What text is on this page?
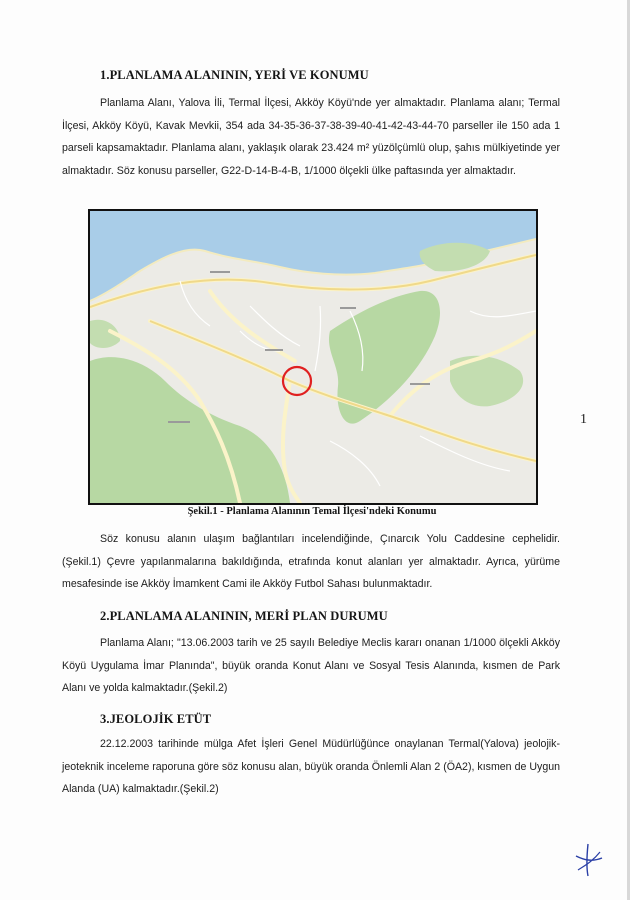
1.PLANLAMA ALANININ, YERİ VE KONUMU
Planlama Alanı, Yalova İli, Termal İlçesi, Akköy Köyü'nde yer almaktadır. Planlama alanı; Termal İlçesi, Akköy Köyü, Kavak Mevkii, 354 ada 34-35-36-37-38-39-40-41-42-43-44-70 parseller ile 150 ada 1 parseli kapsamaktadır. Planlama alanı, yaklaşık olarak 23.424 m² yüzölçümlü olup, şahıs mülkiyetinde yer almaktadır. Söz konusu parseller, G22-D-14-B-4-B, 1/1000 ölçekli ülke paftasında yer almaktadır.
Şekil.1 - Planlama Alanının Temal İlçesi'ndeki Konumu
Söz konusu alanın ulaşım bağlantıları incelendiğinde, Çınarcık Yolu Caddesine cephelidir. (Şekil.1) Çevre yapılanmalarına bakıldığında, etrafında konut alanları yer almaktadır. Ayrıca, yürüme mesafesinde ise Akköy İmamkent Cami ile Akköy Futbol Sahası bulunmaktadır.
2.PLANLAMA ALANININ, MERİ PLAN DURUMU
Planlama Alanı; "13.06.2003 tarih ve 25 sayılı Belediye Meclis kararı onanan 1/1000 ölçekli Akköy Köyü Uygulama İmar Planında", büyük oranda Konut Alanı ve Sosyal Tesis Alanında, kısmen de Park Alanı ve yolda kalmaktadır.(Şekil.2)
3.JEOLOJİK ETÜT
22.12.2003 tarihinde mülga Afet İşleri Genel Müdürlüğünce onaylanan Termal(Yalova) jeolojik-jeoteknik inceleme raporuna göre söz konusu alan, büyük oranda Önlemli Alan 2 (ÖA2), kısmen de Uygun Alanda (UA) kalmaktadır.(Şekil.2)
1
